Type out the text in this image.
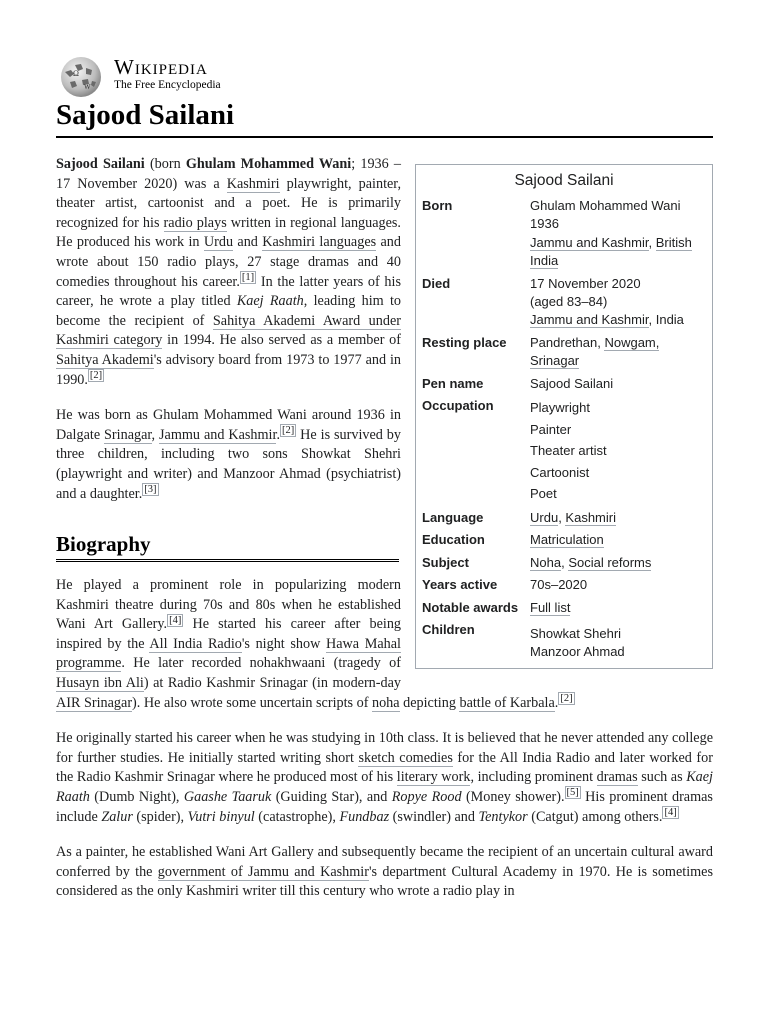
Ω
W
Wikipedia
The Free Encyclopedia
Sajood Sailani
Sajood Sailani
Born	Ghulam Mohammed Wani
1936
Jammu and Kashmir, British India
Died	17 November 2020
(aged 83–84)
Jammu and Kashmir, India
Resting place	Pandrethan, Nowgam, Srinagar
Pen name	Sajood Sailani
Occupation	Playwright
Painter
Theater artist
Cartoonist
Poet
Language	Urdu, Kashmiri
Education	Matriculation
Subject	Noha, Social reforms
Years active	70s–2020
Notable awards Full list
Children	Showkat Shehri
Manzoor Ahmad

Sajood Sailani (born Ghulam Mohammed Wani; 1936 – 17 November 2020) was a Kashmiri playwright, painter, theater artist, cartoonist and a poet. He is primarily recognized for his radio plays written in regional languages. He produced his work in Urdu and Kashmiri languages and wrote about 150 radio plays, 27 stage dramas and 40 comedies throughout his career. [1] In the latter years of his career, he wrote a play titled Kaej Raath, leading him to become the recipient of Sahitya Akademi Award under Kashmiri category in 1994. He also served as a member of Sahitya Akademi's advisory board from 1973 to 1977 and in 1990. [2]

He was born as Ghulam Mohammed Wani around 1936 in Dalgate Srinagar, Jammu and Kashmir. [2] He is survived by three children, including two sons Showkat Shehri (playwright and writer) and Manzoor Ahmad (psychiatrist) and a daughter. [3]

Biography

He played a prominent role in popularizing modern Kashmiri theatre during 70s and 80s when he established Wani Art Gallery. [4] He started his career after being inspired by the All India Radio's night show Hawa Mahal programme. He later recorded nohakhwaani (tragedy of Husayn ibn Ali) at Radio Kashmir Srinagar (in modern-day AIR Srinagar). He also wrote some uncertain scripts of noha depicting battle of Karbala. [2]

He originally started his career when he was studying in 10th class. It is believed that he never attended any college for further studies. He initially started writing short sketch comedies for the All India Radio and later worked for the Radio Kashmir Srinagar where he produced most of his literary work, including prominent dramas such as Kaej Raath (Dumb Night), Gaashe Taaruk (Guiding Star), and Ropye Rood (Money shower). [5] His prominent dramas include Zalur (spider), Vutri binyul (catastrophe), Fundbaz (swindler) and Tentykor (Catgut) among others. [4]

As a painter, he established Wani Art Gallery and subsequently became the recipient of an uncertain cultural award conferred by the government of Jammu and Kashmir's department Cultural Academy in 1970. He is sometimes considered as the only Kashmiri writer till this century who wrote a radio play in
